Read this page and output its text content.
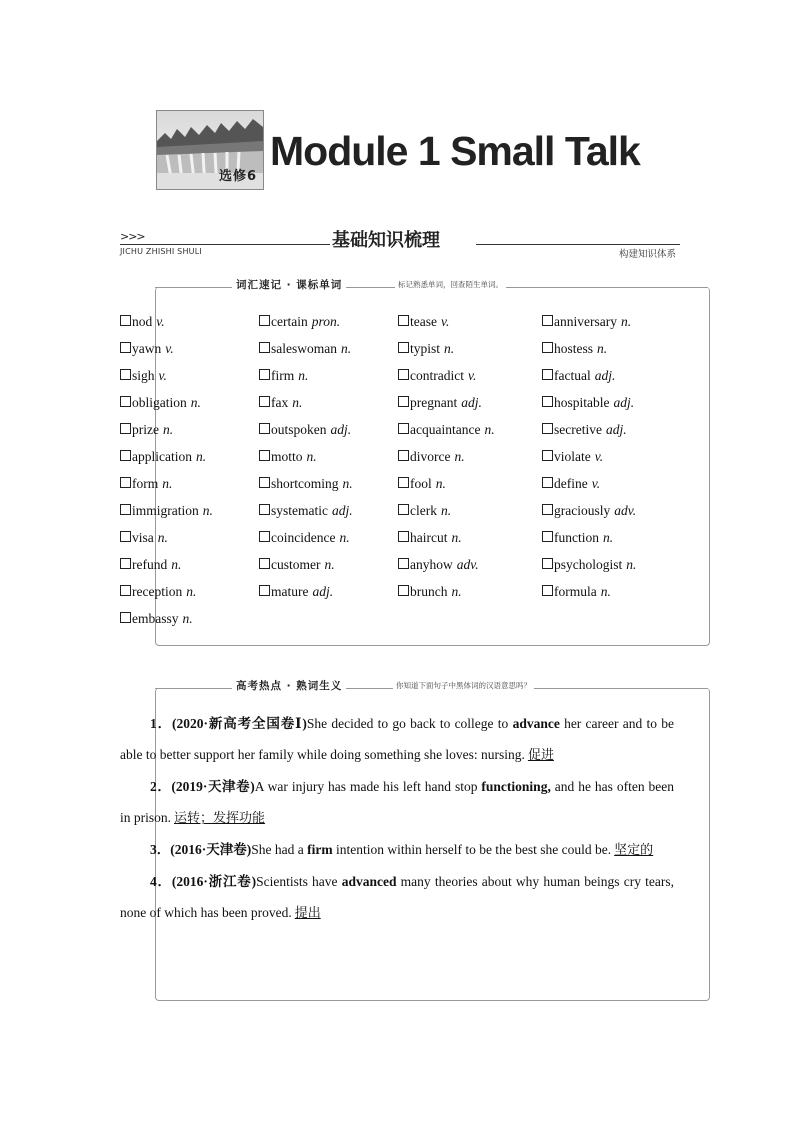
选修6
Module 1 Small Talk
>>>	基础知识梳理
JICHU ZHISHI SHULI	构建知识体系
词汇速记 · 课标单词	标记熟悉单词，回查陌生单词。
nod v.	certain pron.	tease v.	anniversary n.
yawn v.	saleswoman n.	typist n.	hostess n.
sigh v.	firm n.	contradict v.	factual adj.
obligation n.	fax n.	pregnant adj.	hospitable adj.
prize n.	outspoken adj.	acquaintance n.	secretive adj.
application n.	motto n.	divorce n.	violate v.
form n.	shortcoming n.	fool n.	define v.
immigration n.	systematic adj.	clerk n.	graciously adv.
visa n.	coincidence n.	haircut n.	function n.
refund n.	customer n.	anyhow adv.	psychologist n.
reception n.	mature adj.	brunch n.	formula n.
embassy n.
高考热点 · 熟词生义	你知道下面句子中黑体词的汉语意思吗？

1．(2020·新高考全国卷Ⅰ)She decided to go back to college to advance her career and to be able to better support her family while doing something she loves: nursing. 促进

2．(2019·天津卷)A war injury has made his left hand stop functioning, and he has often been in prison. 运转；发挥功能

3．(2016·天津卷)She had a firm intention within herself to be the best she could be. 坚定的

4．(2016·浙江卷)Scientists have advanced many theories about why human beings cry tears, none of which has been proved. 提出
